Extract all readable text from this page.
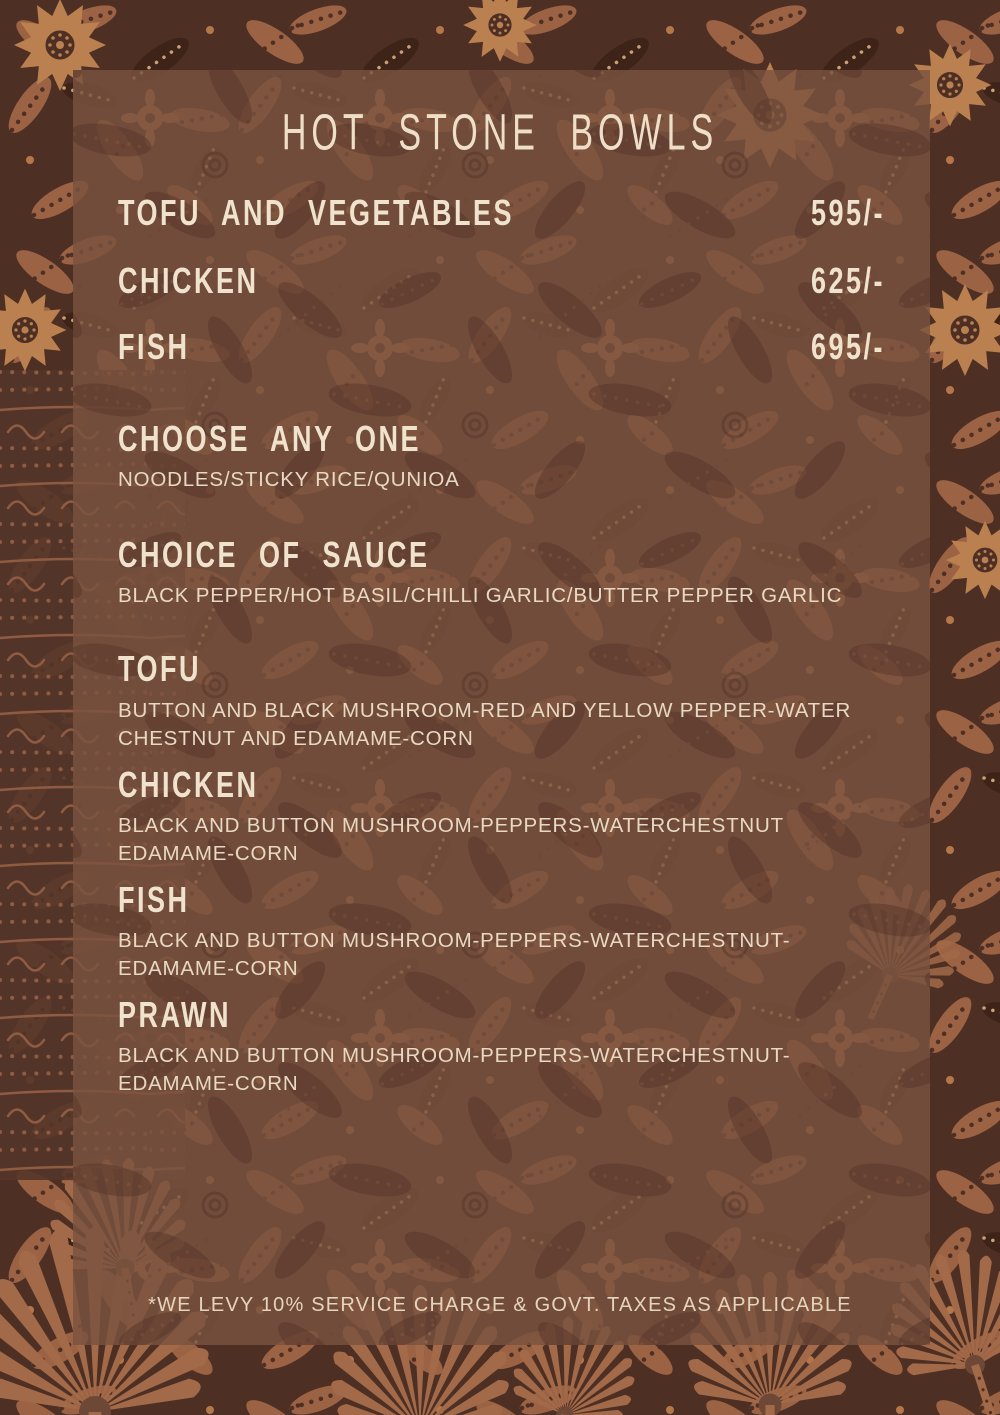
HOT STONE BOWLS
TOFU AND VEGETABLES	595/-
CHICKEN	625/-
FISH	695/-
CHOOSE ANY ONE
NOODLES/STICKY RICE/QUNIOA
CHOICE OF SAUCE
BLACK PEPPER/HOT BASIL/CHILLI GARLIC/BUTTER PEPPER GARLIC
TOFU
BUTTON AND BLACK MUSHROOM-RED AND YELLOW PEPPER-WATER
CHESTNUT AND EDAMAME-CORN
CHICKEN
BLACK AND BUTTON MUSHROOM-PEPPERS-WATERCHESTNUT
EDAMAME-CORN
FISH
BLACK AND BUTTON MUSHROOM-PEPPERS-WATERCHESTNUT-
EDAMAME-CORN
PRAWN
BLACK AND BUTTON MUSHROOM-PEPPERS-WATERCHESTNUT-
EDAMAME-CORN
*WE LEVY 10% SERVICE CHARGE & GOVT. TAXES AS APPLICABLE
